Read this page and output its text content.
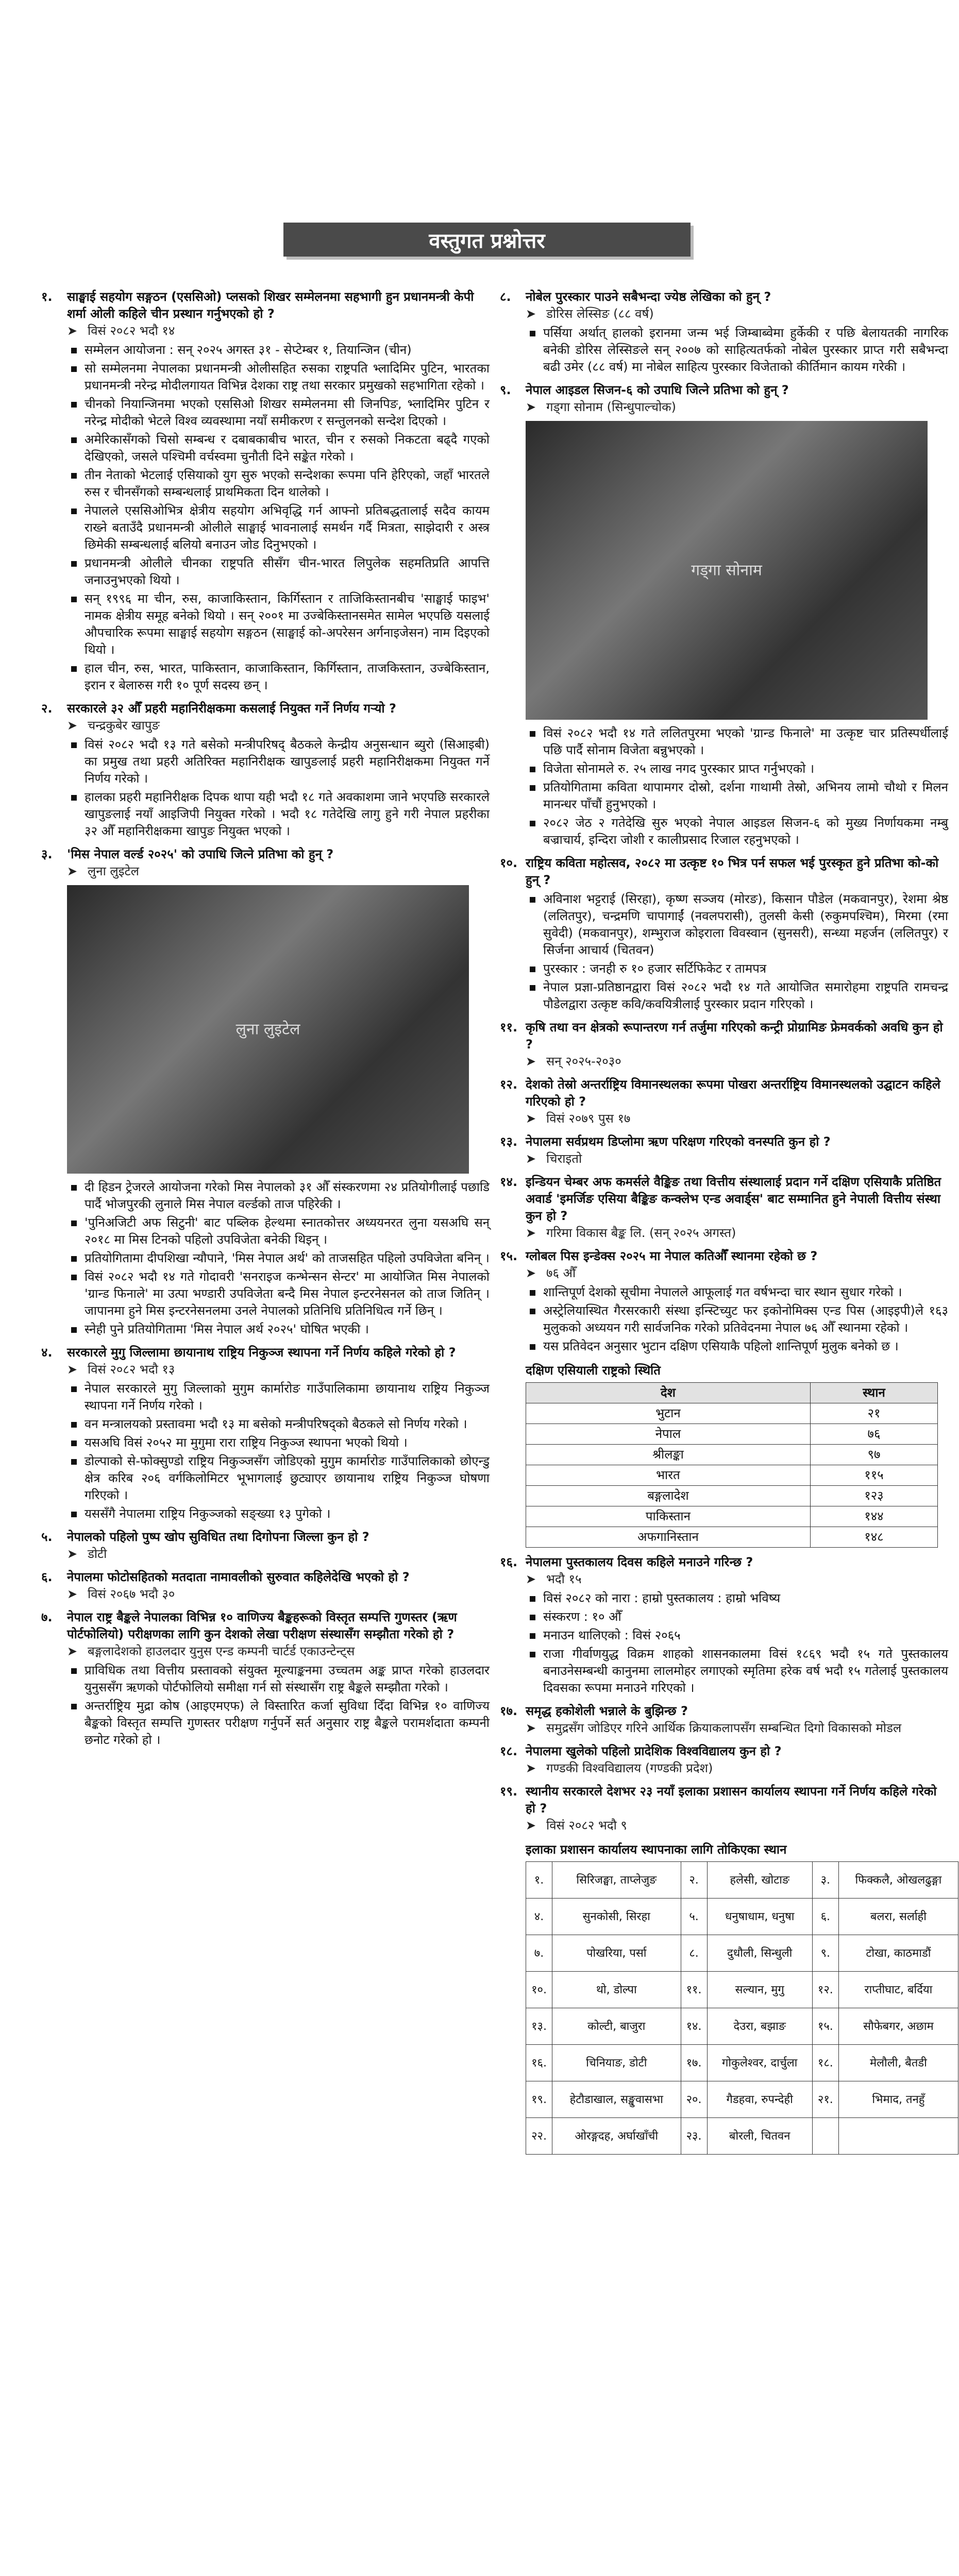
वस्तुगत प्रश्नोत्तर
१.	साङ्घाई सहयोग सङ्गठन (एससिओ) प्लसको शिखर सम्मेलनमा सहभागी हुन प्रधानमन्त्री केपी शर्मा ओली कहिले चीन प्रस्थान गर्नुभएको हो ?
➤ विसं २०८२ भदौ १४
सम्मेलन आयोजना : सन् २०२५ अगस्त ३१ - सेप्टेम्बर १, तियान्जिन (चीन)
सो सम्मेलनमा नेपालका प्रधानमन्त्री ओलीसहित रुसका राष्ट्रपति भ्लादिमिर पुटिन, भारतका प्रधानमन्त्री नरेन्द्र मोदीलगायत विभिन्न देशका राष्ट्र तथा सरकार प्रमुखको सहभागिता रहेको ।
चीनको नियान्जिनमा भएको एससिओ शिखर सम्मेलनमा सी जिनपिङ, भ्लादिमिर पुटिन र नरेन्द्र मोदीको भेटले विश्व व्यवस्थामा नयाँ समीकरण र सन्तुलनको सन्देश दिएको ।
अमेरिकासँगको चिसो सम्बन्ध र दबाबकाबीच भारत, चीन र रुसको निकटता बढ्दै गएको देखिएको, जसले पश्चिमी वर्चस्वमा चुनौती दिने सङ्केत गरेको ।
तीन नेताको भेटलाई एसियाको युग सुरु भएको सन्देशका रूपमा पनि हेरिएको, जहाँ भारतले रुस र चीनसँगको सम्बन्धलाई प्राथमिकता दिन थालेको ।
नेपालले एससिओभित्र क्षेत्रीय सहयोग अभिवृद्धि गर्न आफ्नो प्रतिबद्धतालाई सदैव कायम राख्ने बताउँदै प्रधानमन्त्री ओलीले साङ्घाई भावनालाई समर्थन गर्दै मित्रता, साझेदारी र अस्त्र छिमेकी सम्बन्धलाई बलियो बनाउन जोड दिनुभएको ।
प्रधानमन्त्री ओलीले चीनका राष्ट्रपति सीसँग चीन-भारत लिपुलेक सहमतिप्रति आपत्ति जनाउनुभएको थियो ।
सन् १९९६ मा चीन, रुस, काजाकिस्तान, किर्गिस्तान र ताजिकिस्तानबीच 'साङ्घाई फाइभ' नामक क्षेत्रीय समूह बनेको थियो । सन् २००१ मा उज्बेकिस्तानसमेत सामेल भएपछि यसलाई औपचारिक रूपमा साङ्घाई सहयोग सङ्गठन (साङ्घाई को-अपरेसन अर्गनाइजेसन) नाम दिइएको थियो ।
हाल चीन, रुस, भारत, पाकिस्तान, काजाकिस्तान, किर्गिस्तान, ताजकिस्तान, उज्बेकिस्तान, इरान र बेलारुस गरी १० पूर्ण सदस्य छन् ।
२.	सरकारले ३२ औँ प्रहरी महानिरीक्षकमा कसलाई नियुक्त गर्ने निर्णय गऱ्यो ?
➤ चन्द्रकुबेर खापुङ
विसं २०८२ भदौ १३ गते बसेको मन्त्रीपरिषद् बैठकले केन्द्रीय अनुसन्धान ब्युरो (सिआइबी) का प्रमुख तथा प्रहरी अतिरिक्त महानिरीक्षक खापुङलाई प्रहरी महानिरीक्षकमा नियुक्त गर्ने निर्णय गरेको ।
हालका प्रहरी महानिरीक्षक दिपक थापा यही भदौ १८ गते अवकाशमा जाने भएपछि सरकारले खापुङलाई नयाँ आइजिपी नियुक्त गरेको । भदौ १८ गतेदेखि लागु हुने गरी नेपाल प्रहरीका ३२ औँ महानिरीक्षकमा खापुङ नियुक्त भएको ।
३.	'मिस नेपाल वर्ल्ड २०२५' को उपाधि जित्ने प्रतिभा को हुन् ?
➤ लुना लुइटेल
लुना लुइटेल
दी हिडन ट्रेजरले आयोजना गरेको मिस नेपालको ३१ औँ संस्करणमा २४ प्रतियोगीलाई पछाडि पार्दै भोजपुरकी लुनाले मिस नेपाल वर्ल्डको ताज पहिरेकी ।
'पुनिअजिटी अफ सिटुनी' बाट पब्लिक हेल्थमा स्नातकोत्तर अध्ययनरत लुना यसअघि सन् २०१८ मा मिस टिनको पहिलो उपविजेता बनेकी थिइन् ।
प्रतियोगितामा दीपशिखा न्यौपाने, 'मिस नेपाल अर्थ' को ताजसहित पहिलो उपविजेता बनिन् ।
विसं २०८२ भदौ १४ गते गोदावरी 'सनराइज कन्भेन्सन सेन्टर' मा आयोजित मिस नेपालको 'ग्रान्ड फिनाले' मा उत्पा भण्डारी उपविजेता बन्दै मिस नेपाल इन्टरनेसनल को ताज जितिन् । जापानमा हुने मिस इन्टरनेसनलमा उनले नेपालको प्रतिनिधि प्रतिनिधित्व गर्ने छिन् ।
स्नेही पुने प्रतियोगितामा 'मिस नेपाल अर्थ २०२५' घोषित भएकी ।
४.	सरकारले मुगु जिल्लामा छायानाथ राष्ट्रिय निकुञ्ज स्थापना गर्ने निर्णय कहिले गरेको हो ?
➤ विसं २०८२ भदौ १३
नेपाल सरकारले मुगु जिल्लाको मुगुम कार्मारोङ गाउँपालिकामा छायानाथ राष्ट्रिय निकुञ्ज स्थापना गर्ने निर्णय गरेको ।
वन मन्त्रालयको प्रस्तावमा भदौ १३ मा बसेको मन्त्रीपरिषद्को बैठकले सो निर्णय गरेको ।
यसअघि विसं २०५२ मा मुगुमा रारा राष्ट्रिय निकुञ्ज स्थापना भएको थियो ।
डोल्पाको से-फोक्सुण्डो राष्ट्रिय निकुञ्जसँग जोडिएको मुगुम कार्मारोङ गाउँपालिकाको छोएन्डु क्षेत्र करिब २०६ वर्गकिलोमिटर भूभागलाई छुट्याएर छायानाथ राष्ट्रिय निकुञ्ज घोषणा गरिएको ।
यससँगै नेपालमा राष्ट्रिय निकुञ्जको सङ्ख्या १३ पुगेको ।
५.	नेपालको पहिलो पुष्प खोप सुविधित तथा दिगोपना जिल्ला कुन हो ?
➤ डोटी
६.	नेपालमा फोटोसहितको मतदाता नामावलीको सुरुवात कहिलेदेखि भएको हो ?
➤ विसं २०६७ भदौ ३०
७.	नेपाल राष्ट्र बैङ्कले नेपालका विभिन्न १० वाणिज्य बैङ्कहरूको विस्तृत सम्पत्ति गुणस्तर (ऋण पोर्टफोलियो) परीक्षणका लागि कुन देशको लेखा परीक्षण संस्थासँग सम्झौता गरेको हो ?
➤ बङ्गलादेशको हाउलदार युनुस एन्ड कम्पनी चार्टर्ड एकाउन्टेन्ट्स
प्राविधिक तथा वित्तीय प्रस्तावको संयुक्त मूल्याङ्कनमा उच्चतम अङ्क प्राप्त गरेको हाउलदार युनुससँग ऋणको पोर्टफोलियो समीक्षा गर्न सो संस्थासँग राष्ट्र बैङ्कले सम्झौता गरेको ।
अन्तर्राष्ट्रिय मुद्रा कोष (आइएमएफ) ले विस्तारित कर्जा सुविधा दिँदा विभिन्न १० वाणिज्य बैङ्कको विस्तृत सम्पत्ति गुणस्तर परीक्षण गर्नुपर्ने सर्त अनुसार राष्ट्र बैङ्कले परामर्शदाता कम्पनी छनोट गरेको हो ।
८.	नोबेल पुरस्कार पाउने सबैभन्दा ज्येष्ठ लेखिका को हुन् ?
➤ डोरिस लेस्सिङ (८८ वर्ष)
पर्सिया अर्थात् हालको इरानमा जन्म भई जिम्बाब्वेमा हुर्केकी र पछि बेलायतकी नागरिक बनेकी डोरिस लेस्सिङले सन् २००७ को साहित्यतर्फको नोबेल पुरस्कार प्राप्त गरी सबैभन्दा बढी उमेर (८८ वर्ष) मा नोबेल साहित्य पुरस्कार विजेताको कीर्तिमान कायम गरेकी ।
९.	नेपाल आइडल सिजन-६ को उपाधि जित्ने प्रतिभा को हुन् ?
➤ गड्गा सोनाम (सिन्धुपाल्चोक)
गड्गा सोनाम
विसं २०८२ भदौ १४ गते ललितपुरमा भएको 'ग्रान्ड फिनाले' मा उत्कृष्ट चार प्रतिस्पर्धीलाई पछि पार्दै सोनाम विजेता बन्नुभएको ।
विजेता सोनामले रु. २५ लाख नगद पुरस्कार प्राप्त गर्नुभएको ।
प्रतियोगितामा कविता थापामगर दोस्रो, दर्शना गाथामी तेस्रो, अभिनय लामो चौथो र मिलन मानन्धर पाँचौं हुनुभएको ।
२०८२ जेठ २ गतेदेखि सुरु भएको नेपाल आइडल सिजन-६ को मुख्य निर्णायकमा नम्बु बज्राचार्य, इन्दिरा जोशी र कालीप्रसाद रिजाल रहनुभएको ।
१०. राष्ट्रिय कविता महोत्सव, २०८२ मा उत्कृष्ट १० भित्र पर्न सफल भई पुरस्कृत हुने प्रतिभा को-को हुन् ?
अविनाश भट्टराई (सिरहा), कृष्ण सञ्जय (मोरङ), किसान पौडेल (मकवानपुर), रेशमा श्रेष्ठ (ललितपुर), चन्द्रमणि चापागाईं (नवलपरासी), तुलसी केसी (रुकुमपश्चिम), मिरमा (रमा सुवेदी) (मकवानपुर), शम्भुराज कोइराला विवस्वान (सुनसरी), सन्ध्या महर्जन (ललितपुर) र सिर्जना आचार्य (चितवन)
पुरस्कार : जनही रु १० हजार सर्टिफिकेट र तामपत्र
नेपाल प्रज्ञा-प्रतिष्ठानद्वारा विसं २०८२ भदौ १४ गते आयोजित समारोहमा राष्ट्रपति रामचन्द्र पौडेलद्वारा उत्कृष्ट कवि/कवयित्रीलाई पुरस्कार प्रदान गरिएको ।
११. कृषि तथा वन क्षेत्रको रूपान्तरण गर्न तर्जुमा गरिएको कन्ट्री प्रोग्रामिङ फ्रेमवर्कको अवधि कुन हो ?
➤ सन् २०२५-२०३०
१२. देशको तेस्रो अन्तर्राष्ट्रिय विमानस्थलका रूपमा पोखरा अन्तर्राष्ट्रिय विमानस्थलको उद्घाटन कहिले गरिएको हो ?
➤ विसं २०७९ पुस १७
१३. नेपालमा सर्वप्रथम डिप्लोमा ऋण परिक्षण गरिएको वनस्पति कुन हो ?
➤ चिराइतो
१४. इन्डियन चेम्बर अफ कमर्सले वैङ्किङ तथा वित्तीय संस्थालाई प्रदान गर्ने दक्षिण एसियाकै प्रतिष्ठित अवार्ड 'इमर्जिङ एसिया बैङ्किङ कन्क्लेभ एन्ड अवार्ड्स' बाट सम्मानित हुने नेपाली वित्तीय संस्था कुन हो ?
➤ गरिमा विकास बैङ्क लि. (सन् २०२५ अगस्त)
१५. ग्लोबल पिस इन्डेक्स २०२५ मा नेपाल कतिऔँ स्थानमा रहेको छ ?
➤ ७६ औँ
शान्तिपूर्ण देशको सूचीमा नेपालले आफूलाई गत वर्षभन्दा चार स्थान सुधार गरेको ।
अस्ट्रेलियास्थित गैरसरकारी संस्था इन्स्टिच्युट फर इकोनोमिक्स एन्ड पिस (आइइपी)ले १६३ मुलुकको अध्ययन गरी सार्वजनिक गरेको प्रतिवेदनमा नेपाल ७६ औँ स्थानमा रहेको ।
यस प्रतिवेदन अनुसार भुटान दक्षिण एसियाकै पहिलो शान्तिपूर्ण मुलुक बनेको छ ।
दक्षिण एसियाली राष्ट्रको स्थिति
देश	स्थान
भुटान	२१
नेपाल	७६
श्रीलङ्का	९७
भारत	११५
बङ्गलादेश	१२३
पाकिस्तान	१४४
अफगानिस्तान	१४८
१६. नेपालमा पुस्तकालय दिवस कहिले मनाउने गरिन्छ ?
➤ भदौ १५
विसं २०८२ को नारा : हाम्रो पुस्तकालय : हाम्रो भविष्य
संस्करण : १० औँ
मनाउन थालिएको : विसं २०६५
राजा गीर्वाणयुद्ध विक्रम शाहको शासनकालमा विसं १८६९ भदौ १५ गते पुस्तकालय बनाउनेसम्बन्धी कानुनमा लालमोहर लगाएको स्मृतिमा हरेक वर्ष भदौ १५ गतेलाई पुस्तकालय दिवसका रूपमा मनाउने गरिएको ।
१७. समृद्ध हकोशेली भन्नाले के बुझिन्छ ?
➤ समुद्रसँग जोडिएर गरिने आर्थिक क्रियाकलापसँग सम्बन्धित दिगो विकासको मोडल
१८. नेपालमा खुलेको पहिलो प्रादेशिक विश्वविद्यालय कुन हो ?
➤ गण्डकी विश्वविद्यालय (गण्डकी प्रदेश)
१९. स्थानीय सरकारले देशभर २३ नयाँ इलाका प्रशासन कार्यालय स्थापना गर्ने निर्णय कहिले गरेको हो ?
➤ विसं २०८२ भदौ ९
इलाका प्रशासन कार्यालय स्थापनाका लागि तोकिएका स्थान
१.	सिरिजङ्घा, ताप्लेजुङ	२.	हलेसी, खोटाङ	३.	फिक्कलै, ओखलढुङ्गा
४.	सुनकोसी, सिरहा	५.	धनुषाधाम, धनुषा	६.	बलरा, सर्लाही
७.	पोखरिया, पर्सा	८.	दुधौली, सिन्धुली	९.	टोखा, काठमाडौं
१०.	थो, डोल्पा	११.	सल्यान, मुगु	१२.	राप्तीघाट, बर्दिया
१३.	कोल्टी, बाजुरा	१४.	देउरा, बझाङ	१५.	सौफेबगर, अछाम
१६.	चिनियाङ, डोटी	१७.	गोकुलेश्वर, दार्चुला	१८.	मेलौली, बैतडी
१९.	हेटौडाखाल, सङ्खुवासभा	२०.	गैडहवा, रुपन्देही	२१.	भिमाद, तनहुँ
२२.	ओरङ्गदह, अर्घाखाँची	२३.	बोरली, चितवन		
